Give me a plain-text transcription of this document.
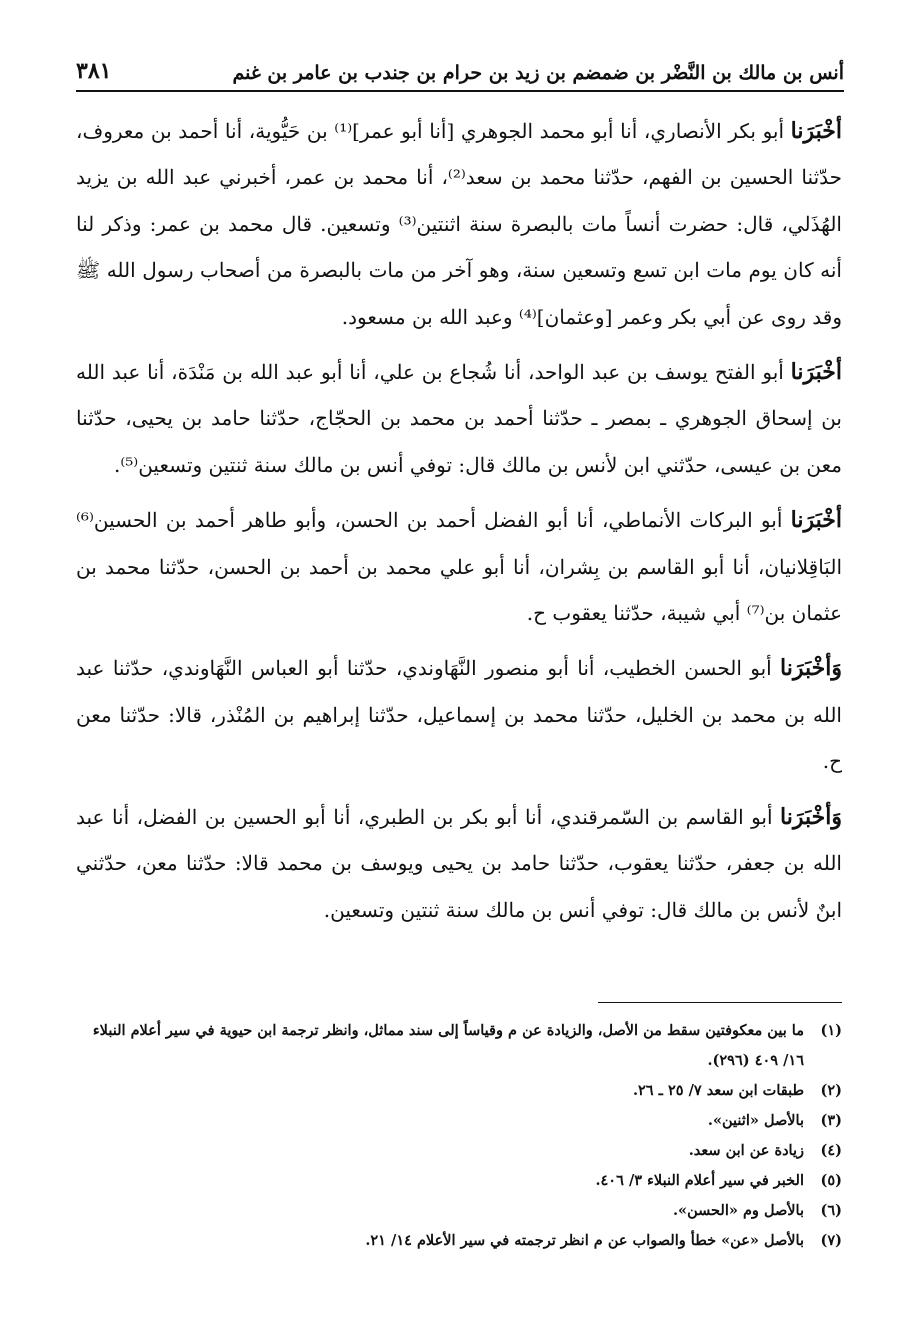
أنس بن مالك بن النَّضْر بن ضمضم بن زيد بن حرام بن جندب بن عامر بن غنم
٣٨١

أخْبَرَنا أبو بكر الأنصاري، أنا أبو محمد الجوهري [أنا أبو عمر]⁽¹⁾ بن حَيُّوية، أنا أحمد بن معروف، حدّثنا الحسين بن الفهم، حدّثنا محمد بن سعد⁽²⁾، أنا محمد بن عمر، أخبرني عبد الله بن يزيد الهُذَلي، قال: حضرت أنساً مات بالبصرة سنة اثنتين⁽³⁾ وتسعين. قال محمد بن عمر: وذكر لنا أنه كان يوم مات ابن تسع وتسعين سنة، وهو آخر من مات بالبصرة من أصحاب رسول الله ﷺ وقد روى عن أبي بكر وعمر [وعثمان]⁽⁴⁾ وعبد الله بن مسعود.

أخْبَرَنا أبو الفتح يوسف بن عبد الواحد، أنا شُجاع بن علي، أنا أبو عبد الله بن مَنْدَة، أنا عبد الله بن إسحاق الجوهري ـ بمصر ـ حدّثنا أحمد بن محمد بن الحجّاج، حدّثنا حامد بن يحيى، حدّثنا معن بن عيسى، حدّثني ابن لأنس بن مالك قال: توفي أنس بن مالك سنة ثنتين وتسعين⁽⁵⁾.

أخْبَرَنا أبو البركات الأنماطي، أنا أبو الفضل أحمد بن الحسن، وأبو طاهر أحمد بن الحسين⁽⁶⁾ البَاقِلانيان، أنا أبو القاسم بن بِشران، أنا أبو علي محمد بن أحمد بن الحسن، حدّثنا محمد بن عثمان بن⁽⁷⁾ أبي شيبة، حدّثنا يعقوب ح.

وَأخْبَرَنا أبو الحسن الخطيب، أنا أبو منصور النَّهَاوندي، حدّثنا أبو العباس النَّهَاوندي، حدّثنا عبد الله بن محمد بن الخليل، حدّثنا محمد بن إسماعيل، حدّثنا إبراهيم بن المُنْذر، قالا: حدّثنا معن ح.

وَأخْبَرَنا أبو القاسم بن السّمرقندي، أنا أبو بكر بن الطبري، أنا أبو الحسين بن الفضل، أنا عبد الله بن جعفر، حدّثنا يعقوب، حدّثنا حامد بن يحيى ويوسف بن محمد قالا: حدّثنا معن، حدّثني ابنٌ لأنس بن مالك قال: توفي أنس بن مالك سنة ثنتين وتسعين.

(١)
ما بين معكوفتين سقط من الأصل، والزيادة عن م وقياساً إلى سند مماثل، وانظر ترجمة ابن حيوية في سير أعلام النبلاء ١٦/ ٤٠٩ (٢٩٦).
(٢)
طبقات ابن سعد ٧/ ٢٥ ـ ٢٦.
(٣)
بالأصل «اثنين».
(٤)
زيادة عن ابن سعد.
(٥)
الخبر في سير أعلام النبلاء ٣/ ٤٠٦.
(٦)
بالأصل وم «الحسن».
(٧)
بالأصل «عن» خطأ والصواب عن م انظر ترجمته في سير الأعلام ١٤/ ٢١.
